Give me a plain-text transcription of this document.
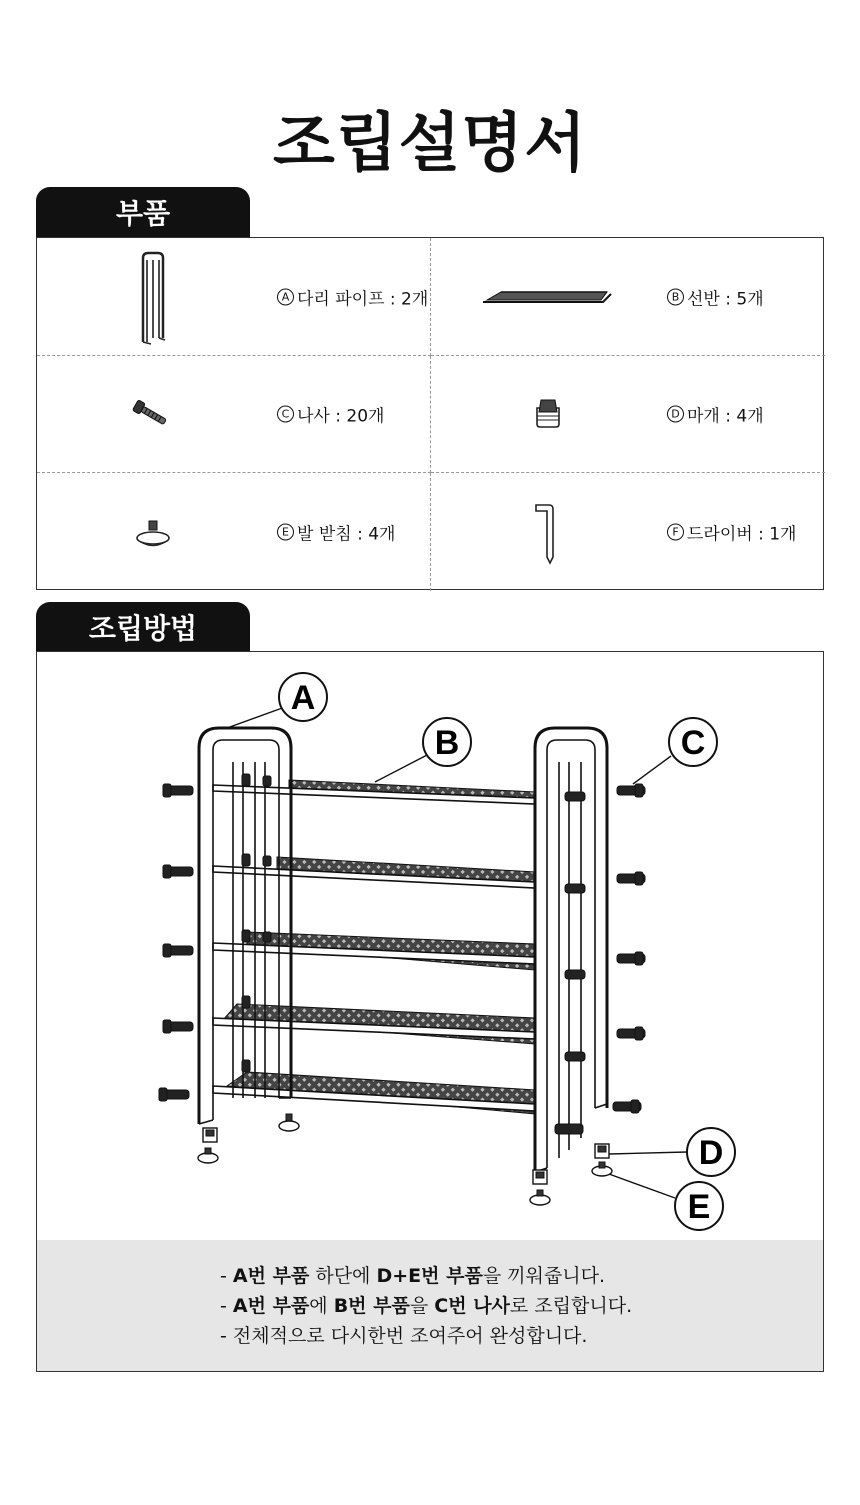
조립설명서
부품
A 다리 파이프 : 2개	B 선반 : 5개
C 나사 : 20개	D 마개 : 4개
E 발 받침 : 4개	F 드라이버 : 1개
조립방법
A
B	C
D
E
- A번 부품 하단에 D+E번 부품을 끼워줍니다.
- A번 부품에 B번 부품을 C번 나사로 조립합니다.
- 전체적으로 다시한번 조여주어 완성합니다.
